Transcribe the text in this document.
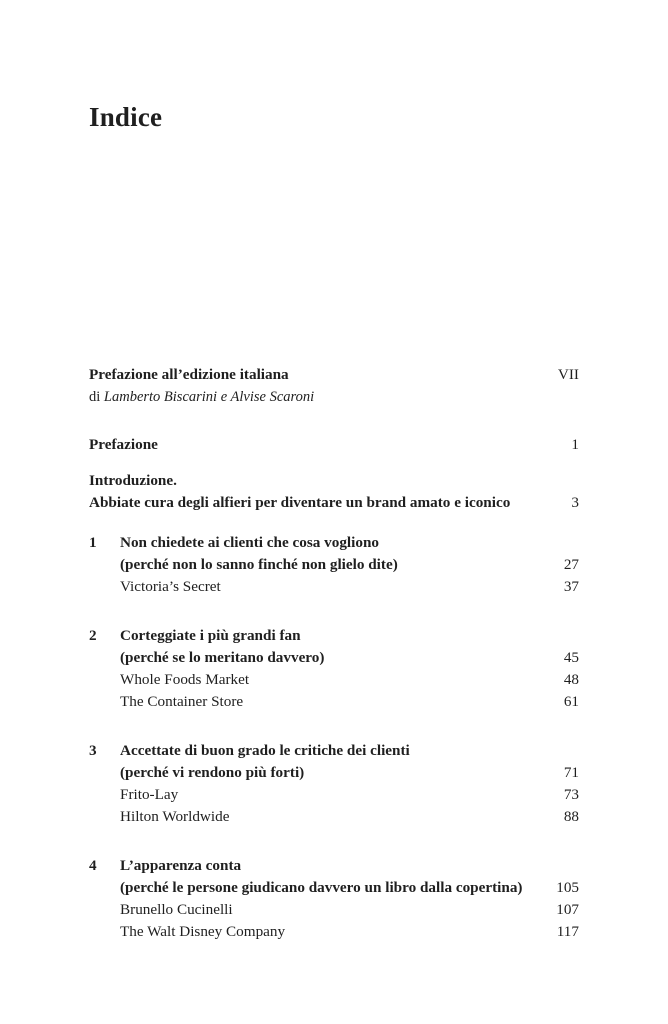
Indice
Prefazione all’edizione italiana	VII
di Lamberto Biscarini e Alvise Scaroni
Prefazione	1
Introduzione.
Abbiate cura degli alfieri per diventare un brand amato e iconico	3
1 Non chiedete ai clienti che cosa vogliono
(perché non lo sanno finché non glielo dite)	27
Victoria’s Secret	37
2 Corteggiate i più grandi fan
(perché se lo meritano davvero)	45
Whole Foods Market	48
The Container Store	61
3 Accettate di buon grado le critiche dei clienti
(perché vi rendono più forti)	71
Frito-Lay	73
Hilton Worldwide	88
4 L’apparenza conta
(perché le persone giudicano davvero un libro dalla copertina) 105
Brunello Cucinelli	107
The Walt Disney Company	117
